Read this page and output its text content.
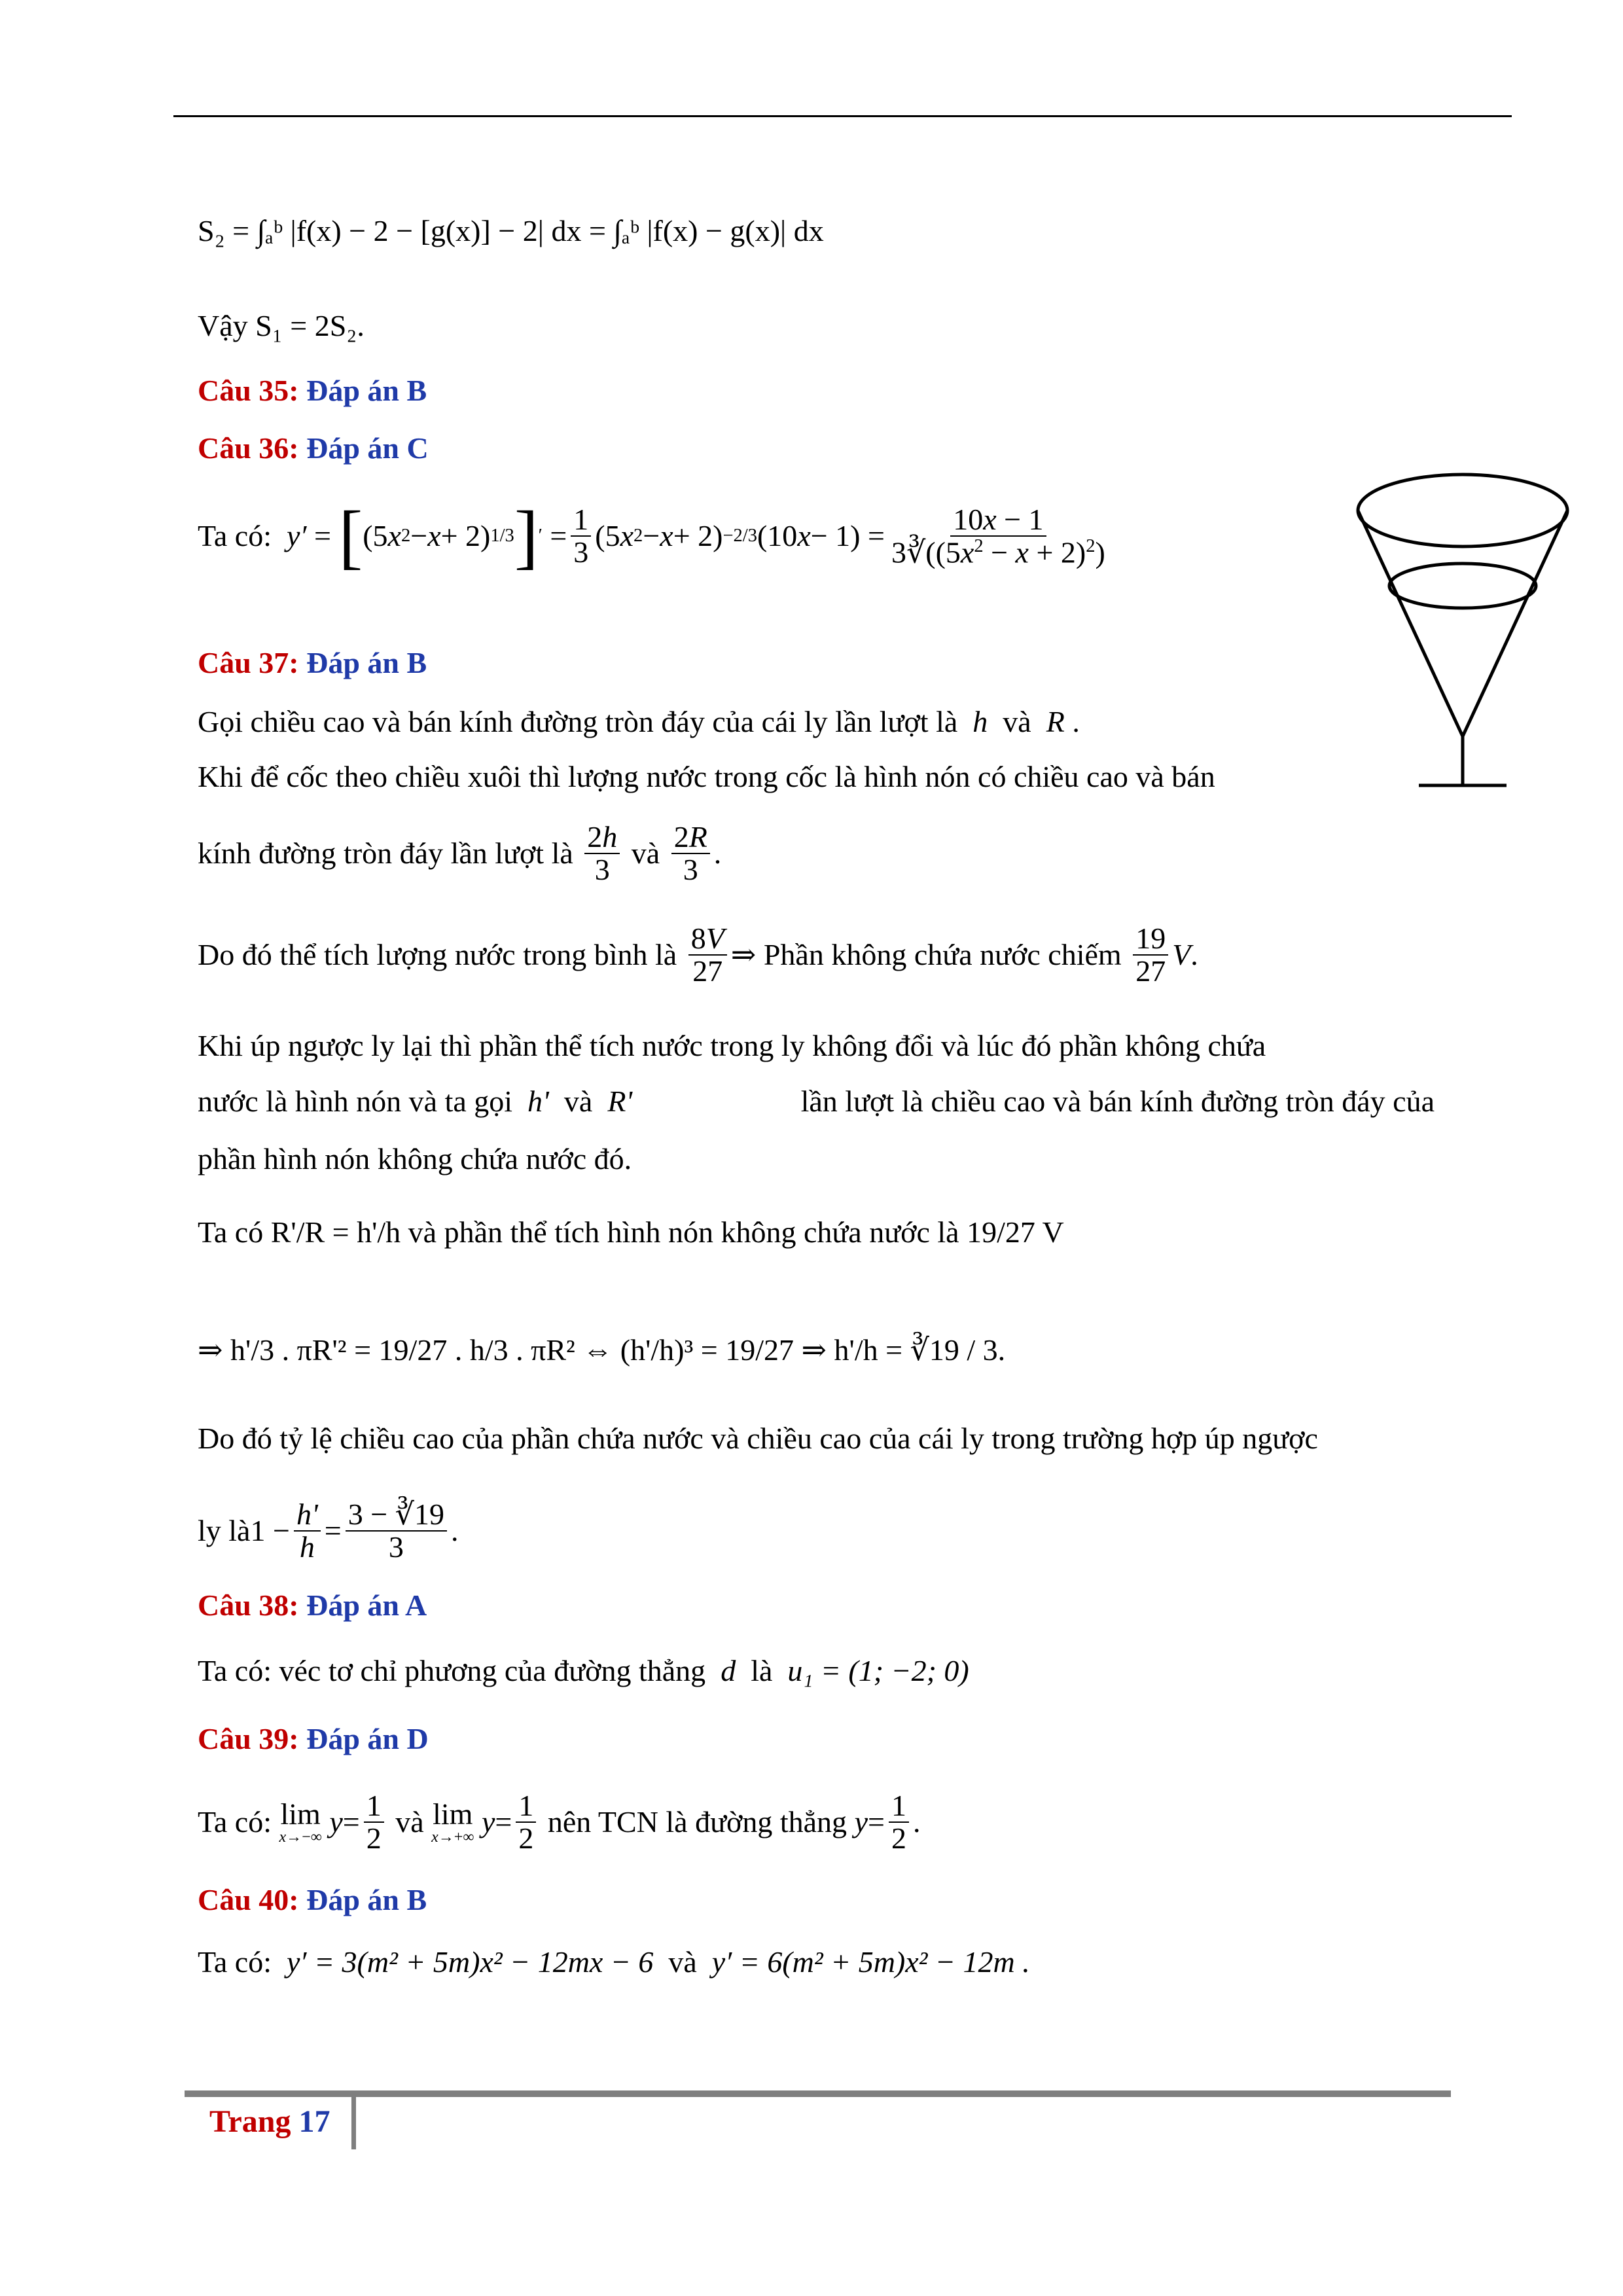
S₂ = ∫ₐᵇ |f(x) − 2 − [g(x)] − 2| dx = ∫ₐᵇ |f(x) − g(x)| dx
Vậy S₁ = 2S₂.
Câu 35: Đáp án B
Câu 36: Đáp án C
Ta có:
y′ = [ (5 x 2 − x + 2) 1/3 ] ′ = $\frac{1}{3} (5$ x 2 − x + 2) −2/3 (10 $x - 1) = \frac{10x - 1}{3∛((5x^2 - x + 2)^2)}$
Câu 37: Đáp án B
Gọi chiều cao và bán kính đường tròn đáy của cái ly lần lượt là h và R .
Khi để cốc theo chiều xuôi thì lượng nước trong cốc là hình nón có chiều cao và bán
kính đường tròn đáy lần lượt là
$\frac{2h}{3}$
và
$\frac{2R}{3}$ .
Do đó thể tích lượng nước trong bình là
$\frac{8V}{27}$ ⇒ Phần không chứa nước chiếm
$\frac{19}{27}$ V .
Khi úp ngược ly lại thì phần thể tích nước trong ly không đổi và lúc đó phần không chứa
nước là hình nón và ta gọi h' và R'	lần lượt là chiều cao và bán kính đường tròn đáy của
phần hình nón không chứa nước đó.
Ta có R'/R = h'/h và phần thể tích hình nón không chứa nước là 19/27 V
⇒ h'/3 . πR'² = 19/27 . h/3 . πR² ⇔ (h'/h)³ = 19/27 ⇒ h'/h = ∛19 / 3.
Do đó tỷ lệ chiều cao của phần chứa nước và chiều cao của cái ly trong trường hợp úp ngược
ly là $1 - \frac{h'}{h} = \frac{3 - ∛19}{3}$ .
Câu 38: Đáp án A
Ta có: véc tơ chỉ phương của đường thẳng d là u₁ = (1; −2; 0)
Câu 39: Đáp án D
Ta có:
lim
x→−∞
$y = \frac{1}{2}$
và
lim
x→+∞
$y = \frac{1}{2}$
nên TCN là đường thẳng
$y = \frac{1}{2}$ .
Câu 40: Đáp án B
Ta có: y′ = 3(m² + 5m)x² − 12mx − 6 và y′ = 6(m² + 5m)x² − 12m .
Trang 17
